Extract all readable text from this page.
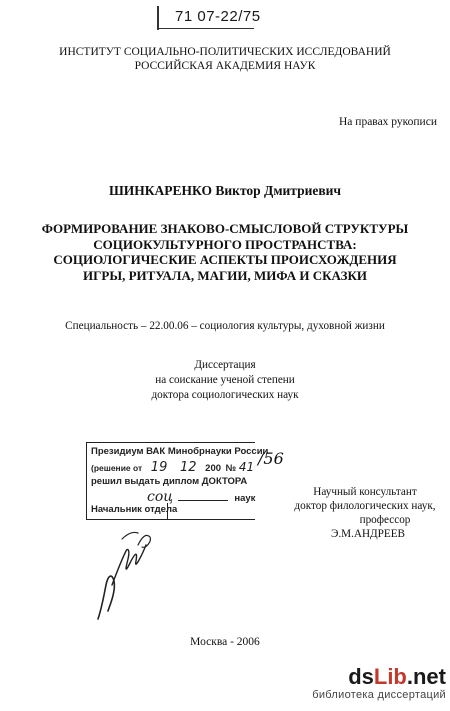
71 07-22/75
ИНСТИТУТ СОЦИАЛЬНО-ПОЛИТИЧЕСКИХ ИССЛЕДОВАНИЙ
РОССИЙСКАЯ АКАДЕМИЯ НАУК
На правах рукописи
ШИНКАРЕНКО Виктор Дмитриевич
ФОРМИРОВАНИЕ ЗНАКОВО-СМЫСЛОВОЙ СТРУКТУРЫ
СОЦИОКУЛЬТУРНОГО ПРОСТРАНСТВА:
СОЦИОЛОГИЧЕСКИЕ АСПЕКТЫ ПРОИСХОЖДЕНИЯ
ИГРЫ, РИТУАЛА, МАГИИ, МИФА И СКАЗКИ
Специальность – 22.00.06 – социология культуры, духовной жизни
Диссертация
на соискание ученой степени
доктора социологических наук
Президиум ВАК Минобрнауки России
(решение от 19 12 200 № 41
решил выдать диплом ДОКТОРА
соц	наук
Начальник отдела
/56
Научный консультант
доктор филологических наук,
профессор
Э.М.АНДРЕЕВ
Москва - 2006
dsLib.net
библиотека диссертаций
